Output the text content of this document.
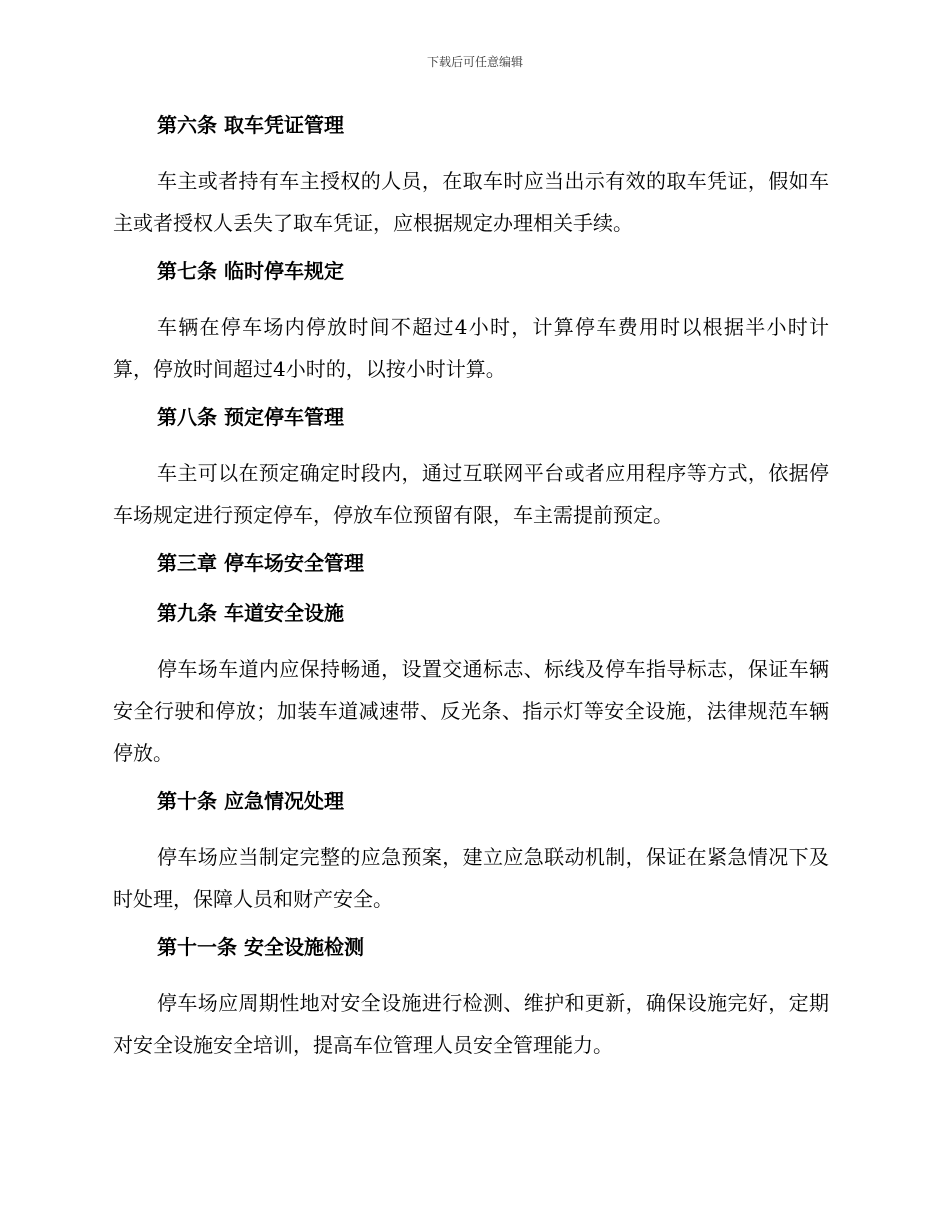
下载后可任意编辑

第六条 取车凭证管理

车主或者持有车主授权的人员，在取车时应当出示有效的取车凭证，假如车主或者授权人丢失了取车凭证，应根据规定办理相关手续。

第七条 临时停车规定

车辆在停车场内停放时间不超过4小时，计算停车费用时以根据半小时计算，停放时间超过4小时的，以按小时计算。

第八条 预定停车管理

车主可以在预定确定时段内，通过互联网平台或者应用程序等方式，依据停车场规定进行预定停车，停放车位预留有限，车主需提前预定。

第三章 停车场安全管理

第九条 车道安全设施

停车场车道内应保持畅通，设置交通标志、标线及停车指导标志，保证车辆安全行驶和停放；加装车道减速带、反光条、指示灯等安全设施，法律规范车辆停放。

第十条 应急情况处理

停车场应当制定完整的应急预案，建立应急联动机制，保证在紧急情况下及时处理，保障人员和财产安全。

第十一条 安全设施检测

停车场应周期性地对安全设施进行检测、维护和更新，确保设施完好，定期对安全设施安全培训，提高车位管理人员安全管理能力。
